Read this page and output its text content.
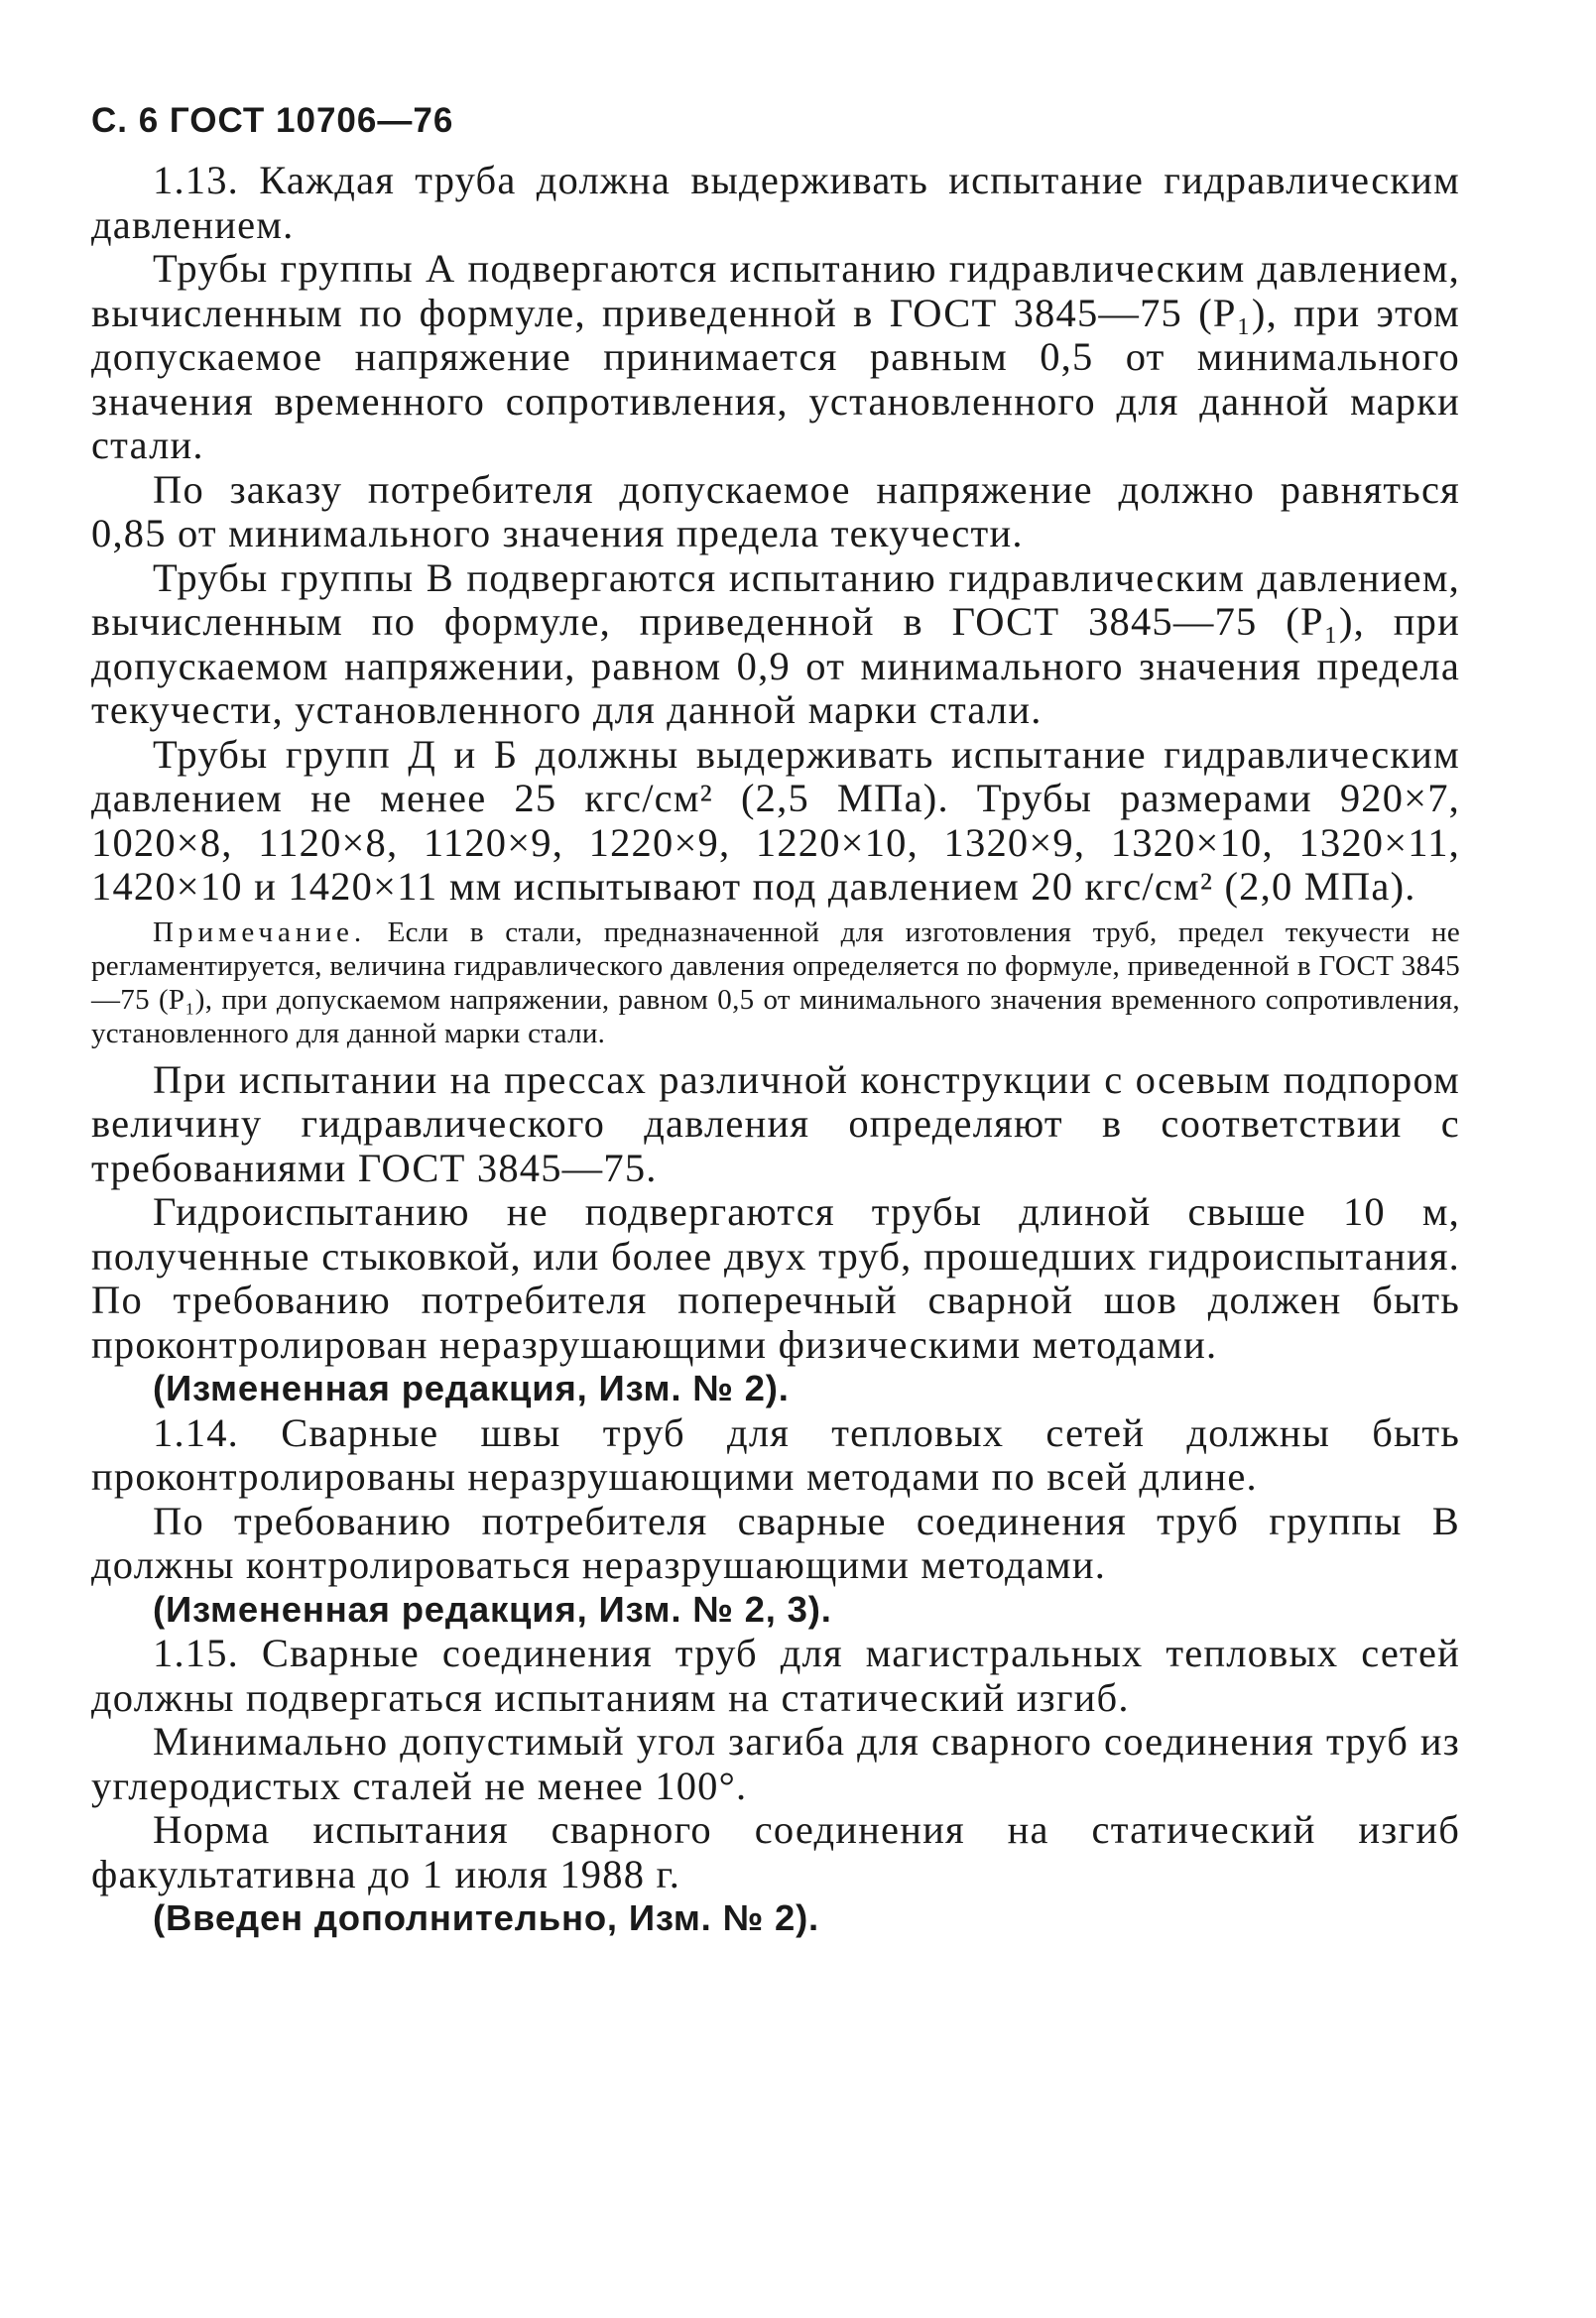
С. 6 ГОСТ 10706—76

1.13. Каждая труба должна выдерживать испытание гидравлическим давлением.

Трубы группы А подвергаются испытанию гидравлическим давлением, вычисленным по формуле, приведенной в ГОСТ 3845—75 (P₁), при этом допускаемое напряжение принимается равным 0,5 от минимального значения временного сопротивления, установленного для данной марки стали.

По заказу потребителя допускаемое напряжение должно равняться 0,85 от минимального значения предела текучести.

Трубы группы В подвергаются испытанию гидравлическим давлением, вычисленным по формуле, приведенной в ГОСТ 3845—75 (P₁), при допускаемом напряжении, равном 0,9 от минимального значения предела текучести, установленного для данной марки стали.

Трубы групп Д и Б должны выдерживать испытание гидравлическим давлением не менее 25 кгс/см² (2,5 МПа). Трубы размерами 920×7, 1020×8, 1120×8, 1120×9, 1220×9, 1220×10, 1320×9, 1320×10, 1320×11, 1420×10 и 1420×11 мм испытывают под давлением 20 кгс/см² (2,0 МПа).

Примечание. Если в стали, предназначенной для изготовления труб, предел текучести не регламентируется, величина гидравлического давления определяется по формуле, приведенной в ГОСТ 3845—75 (P₁), при допускаемом напряжении, равном 0,5 от минимального значения временного сопротивления, установленного для данной марки стали.

При испытании на прессах различной конструкции с осевым подпором величину гидравлического давления определяют в соответствии с требованиями ГОСТ 3845—75.

Гидроиспытанию не подвергаются трубы длиной свыше 10 м, полученные стыковкой, или более двух труб, прошедших гидроиспытания. По требованию потребителя поперечный сварной шов должен быть проконтролирован неразрушающими физическими методами.

(Измененная редакция, Изм. № 2).

1.14. Сварные швы труб для тепловых сетей должны быть проконтролированы неразрушающими методами по всей длине.

По требованию потребителя сварные соединения труб группы В должны контролироваться неразрушающими методами.

(Измененная редакция, Изм. № 2, 3).

1.15. Сварные соединения труб для магистральных тепловых сетей должны подвергаться испытаниям на статический изгиб.

Минимально допустимый угол загиба для сварного соединения труб из углеродистых сталей не менее 100°.

Норма испытания сварного соединения на статический изгиб факультативна до 1 июля 1988 г.

(Введен дополнительно, Изм. № 2).
